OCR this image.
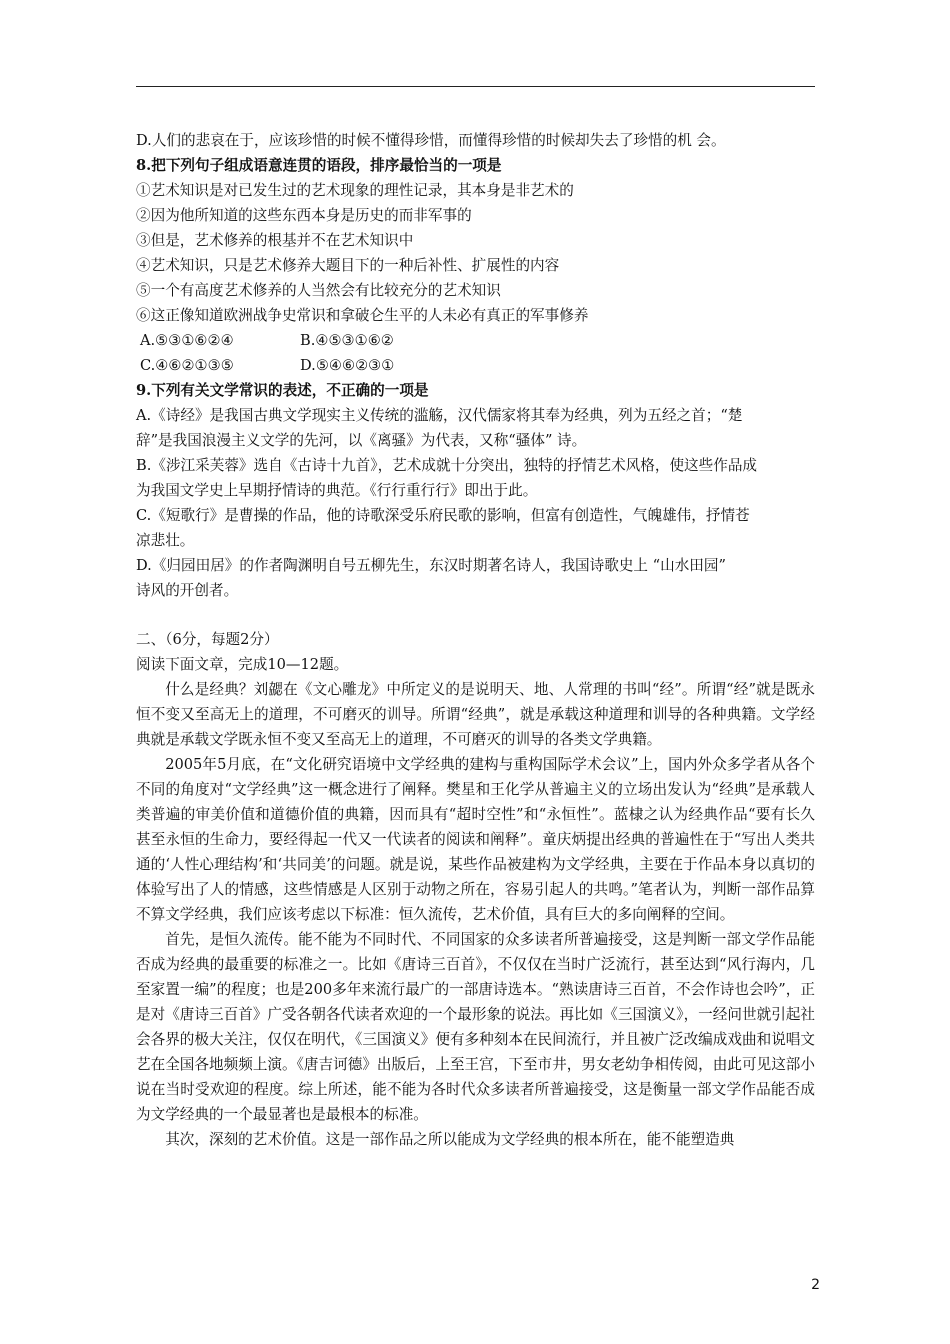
D.人们的悲哀在于，应该珍惜的时候不懂得珍惜，而懂得珍惜的时候却失去了珍惜的机 会。
8.把下列句子组成语意连贯的语段，排序最恰当的一项是
①艺术知识是对已发生过的艺术现象的理性记录，其本身是非艺术的
②因为他所知道的这些东西本身是历史的而非军事的
③但是，艺术修养的根基并不在艺术知识中
④艺术知识，只是艺术修养大题目下的一种后补性、扩展性的内容
⑤一个有高度艺术修养的人当然会有比较充分的艺术知识
⑥这正像知道欧洲战争史常识和拿破仑生平的人未必有真正的军事修养
A.⑤③①⑥②④	B.④⑤③①⑥②
C.④⑥②①③⑤	D.⑤④⑥②③①
9.下列有关文学常识的表述，不正确的一项是
A.《诗经》是我国古典文学现实主义传统的滥觞，汉代儒家将其奉为经典，列为五经之首；“楚
辞”是我国浪漫主义文学的先河，以《离骚》为代表，又称“骚体” 诗。
B.《涉江采芙蓉》选自《古诗十九首》，艺术成就十分突出，独特的抒情艺术风格，使这些作品成
为我国文学史上早期抒情诗的典范。《行行重行行》即出于此。
C.《短歌行》是曹操的作品，他的诗歌深受乐府民歌的影响，但富有创造性，气魄雄伟，抒情苍
凉悲壮。
D.《归园田居》的作者陶渊明自号五柳先生，东汉时期著名诗人，我国诗歌史上 “山水田园”
诗风的开创者。
二、（6分，每题2分）
阅读下面文章，完成10—12题。
什么是经典？刘勰在《文心雕龙》中所定义的是说明天、地、人常理的书叫“经”。所谓“经”就是既永恒不变又至高无上的道理，不可磨灭的训导。所谓“经典”，就是承载这种道理和训导的各种典籍。文学经典就是承载文学既永恒不变又至高无上的道理，不可磨灭的训导的各类文学典籍。
2005年5月底，在“文化研究语境中文学经典的建构与重构国际学术会议”上，国内外众多学者从各个不同的角度对“文学经典”这一概念进行了阐释。樊星和王化学从普遍主义的立场出发认为“经典”是承载人类普遍的审美价值和道德价值的典籍，因而具有“超时空性”和“永恒性”。蓝棣之认为经典作品“要有长久甚至永恒的生命力，要经得起一代又一代读者的阅读和阐释”。童庆炳提出经典的普遍性在于“写出人类共通的‘人性心理结构’和‘共同美’的问题。就是说，某些作品被建构为文学经典，主要在于作品本身以真切的体验写出了人的情感，这些情感是人区别于动物之所在，容易引起人的共鸣。”笔者认为，判断一部作品算不算文学经典，我们应该考虑以下标准：恒久流传，艺术价值，具有巨大的多向阐释的空间。
首先，是恒久流传。能不能为不同时代、不同国家的众多读者所普遍接受，这是判断一部文学作品能否成为经典的最重要的标准之一。比如《唐诗三百首》，不仅仅在当时广泛流行，甚至达到“风行海内，几至家置一编”的程度；也是200多年来流行最广的一部唐诗选本。“熟读唐诗三百首，不会作诗也会吟”，正是对《唐诗三百首》广受各朝各代读者欢迎的一个最形象的说法。再比如《三国演义》，一经问世就引起社会各界的极大关注，仅仅在明代，《三国演义》便有多种刻本在民间流行，并且被广泛改编成戏曲和说唱文艺在全国各地频频上演。《唐吉诃德》出版后，上至王宫，下至市井，男女老幼争相传阅，由此可见这部小说在当时受欢迎的程度。综上所述，能不能为各时代众多读者所普遍接受，这是衡量一部文学作品能否成为文学经典的一个最显著也是最根本的标准。
其次，深刻的艺术价值。这是一部作品之所以能成为文学经典的根本所在，能不能塑造典
2
